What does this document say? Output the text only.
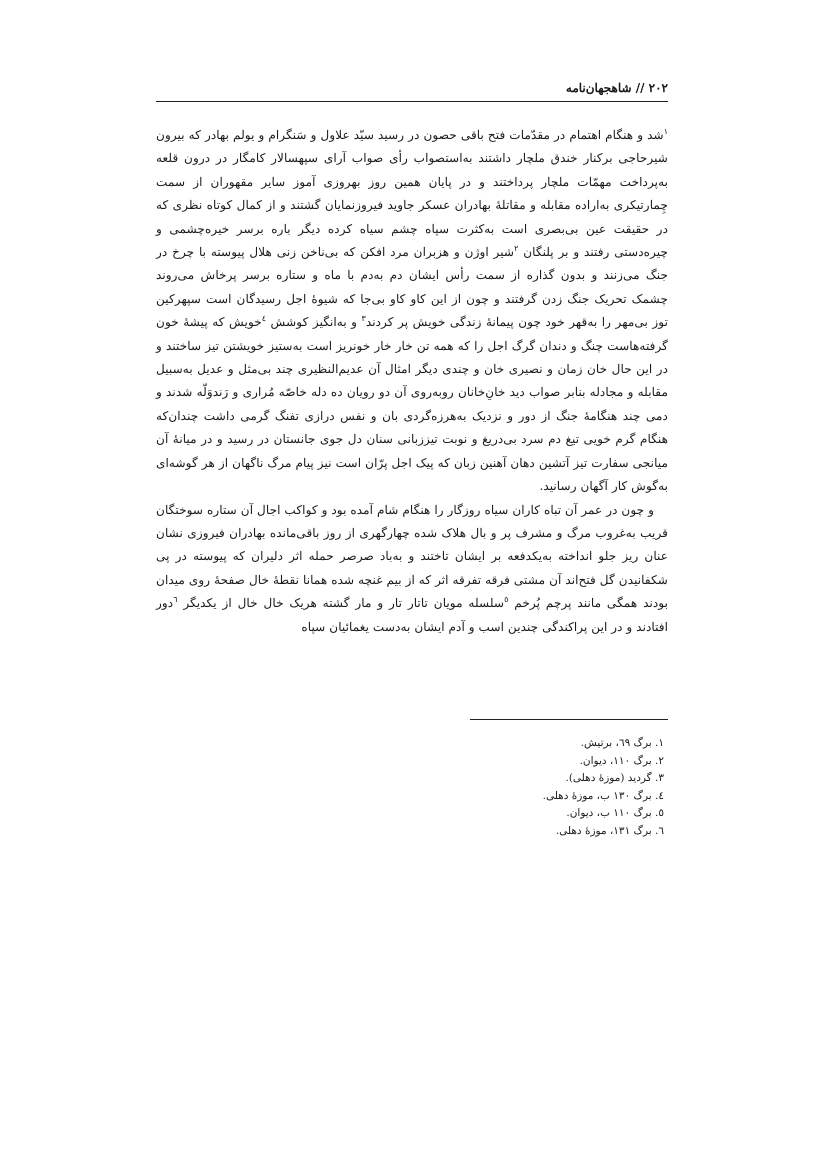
۲۰۲ // شاهجهان‌نامه

$^۱$شد و هنگام اهتمام در مقدّمات فتح باقی حصون در رسید سیّد علاول و سَنگرام و یولم بهادر که بیرون شیرحاجی برکنار خندق ملچار داشتند به‌استصواب رأی صواب آرای سپهسالار کامگار در درون قلعه به‌پرداخت مهمّات ملچار پرداختند و در پایان همین روز بهروزی آموز سایر مقهوران از سمت چِمارتیکری به‌اراده مقابله و مقاتلهٔ بهادران عسکر جاوید فیروزنمایان گشتند و از کمال کوتاه نظری که در حقیقت عین بی‌بصری است به‌کثرت سپاه چشم سیاه کرده دیگر باره برسر خیره‌چشمی و چیره‌دستی رفتند و بر پلنگان $^۲$شیر اوژن و هزبران مرد افکن که بی‌ناخن زنی هلال پیوسته با چرخ در جنگ می‌زنند و بدون گذاره از سمت رأس ایشان دم به‌دم با ماه و ستاره برسر پرخاش می‌روند چشمک تحریک جنگ زدن گرفتند و چون از این کاو کاو بی‌جا که شیوهٔ اجل رسیدگان است سپهرکین توز بی‌مهر را به‌قهر خود چون پیمانهٔ زندگی خویش پر کردند$^۳$ و به‌انگیز کوشش $^٤$خویش که پیشهٔ خون گرفته‌هاست چنگ و دندان گرگ اجل را که همه تن خار خار خونریز است به‌ستیز خویشتن تیز ساختند و در این حال خان زمان و نصیری خان و چندی دیگر امثال آن عدیم‌النظیری چند بی‌مثل و عدیل به‌سبیل مقابله و مجادله بنابر صواب دید خان‌ِخانان روبه‌روی آن دو رویان ده دله خاصّه مُراری و رَندوَلّه شدند و دمی چند هنگامهٔ جنگ از دور و نزدیک به‌هرزه‌گردی بان و نفس درازی تفنگ گرمی داشت چندان‌که هنگام گرم خویی تیغ دم سرد بی‌دریغ و نوبت تیززبانی سنان دل جوی جانستان در رسید و در میانهٔ آن میانجی سفارت تیز آتشین دهان آهنین زبان که پیک اجل پرّان است نیز پیام مرگ ناگهان از هر گوشه‌ای به‌گوش کار آگهان رسانید.

و چون در عمر آن تباه کاران سیاه روزگار را هنگام شام آمده بود و کواکب اجال آن ستاره سوختگان قریب به‌غروب مرگ و مشرف پر و بال هلاک شده چهارگهری از روز باقی‌مانده بهادران فیروزی نشان عنان ریز جلو انداخته به‌یکدفعه بر ایشان تاختند و به‌باد صرصر حمله اثر دلیران که پیوسته در پی شکفانیدن گل فتح‌اند آن مشتی فرقه تفرقه اثر که از بیم غنچه شده همانا نقطهٔ خال صفحهٔ روی میدان بودند همگی مانند پرچم پُرخم $^٥$سلسله مویان تاتار تار و مار گشته هریک خال خال از یکدیگر $^٦$دور افتادند و در این پراکندگی چندین اسب و آدم ایشان به‌دست یغمائیان سپاه

۱. برگ ٦۹، برتیش.
۲. برگ ۱۱۰، دیوان.
۳. گردید (موزهٔ دهلی).
٤. برگ ۱۳۰ ب، موزهٔ دهلی.
٥. برگ ۱۱۰ ب، دیوان.
٦. برگ ۱۳۱، موزهٔ دهلی.
